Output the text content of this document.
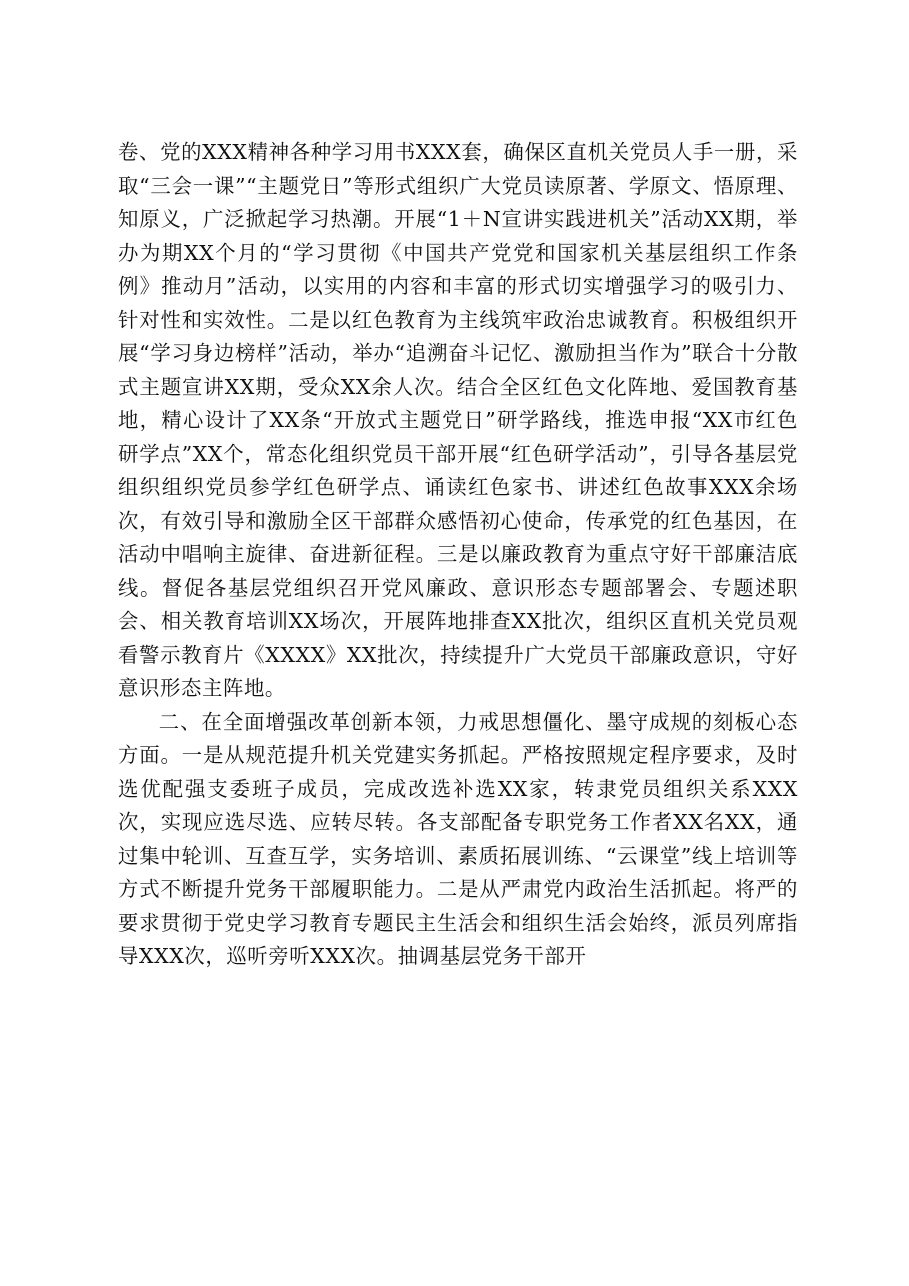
卷、党的XXX精神各种学习用书XXX套，确保区直机关党员人手一册，采取“三会一课”“主题党日”等形式组织广大党员读原著、学原文、悟原理、知原义，广泛掀起学习热潮。开展“1＋N宣讲实践进机关”活动XX期，举办为期XX个月的“学习贯彻《中国共产党党和国家机关基层组织工作条例》推动月”活动，以实用的内容和丰富的形式切实增强学习的吸引力、针对性和实效性。二是以红色教育为主线筑牢政治忠诚教育。积极组织开展“学习身边榜样”活动，举办“追溯奋斗记忆、激励担当作为”联合十分散式主题宣讲XX期，受众XX余人次。结合全区红色文化阵地、爱国教育基地，精心设计了XX条“开放式主题党日”研学路线，推选申报“XX市红色研学点”XX个，常态化组织党员干部开展“红色研学活动”，引导各基层党组织组织党员参学红色研学点、诵读红色家书、讲述红色故事XXX余场次，有效引导和激励全区干部群众感悟初心使命，传承党的红色基因，在活动中唱响主旋律、奋进新征程。三是以廉政教育为重点守好干部廉洁底线。督促各基层党组织召开党风廉政、意识形态专题部署会、专题述职会、相关教育培训XX场次，开展阵地排查XX批次，组织区直机关党员观看警示教育片《XXXX》XX批次，持续提升广大党员干部廉政意识，守好意识形态主阵地。

二、在全面增强改革创新本领，力戒思想僵化、墨守成规的刻板心态方面。一是从规范提升机关党建实务抓起。严格按照规定程序要求，及时选优配强支委班子成员，完成改选补选XX家，转隶党员组织关系XXX次，实现应选尽选、应转尽转。各支部配备专职党务工作者XX名XX，通过集中轮训、互查互学，实务培训、素质拓展训练、“云课堂”线上培训等方式不断提升党务干部履职能力。二是从严肃党内政治生活抓起。将严的要求贯彻于党史学习教育专题民主生活会和组织生活会始终，派员列席指导XXX次，巡听旁听XXX次。抽调基层党务干部开
